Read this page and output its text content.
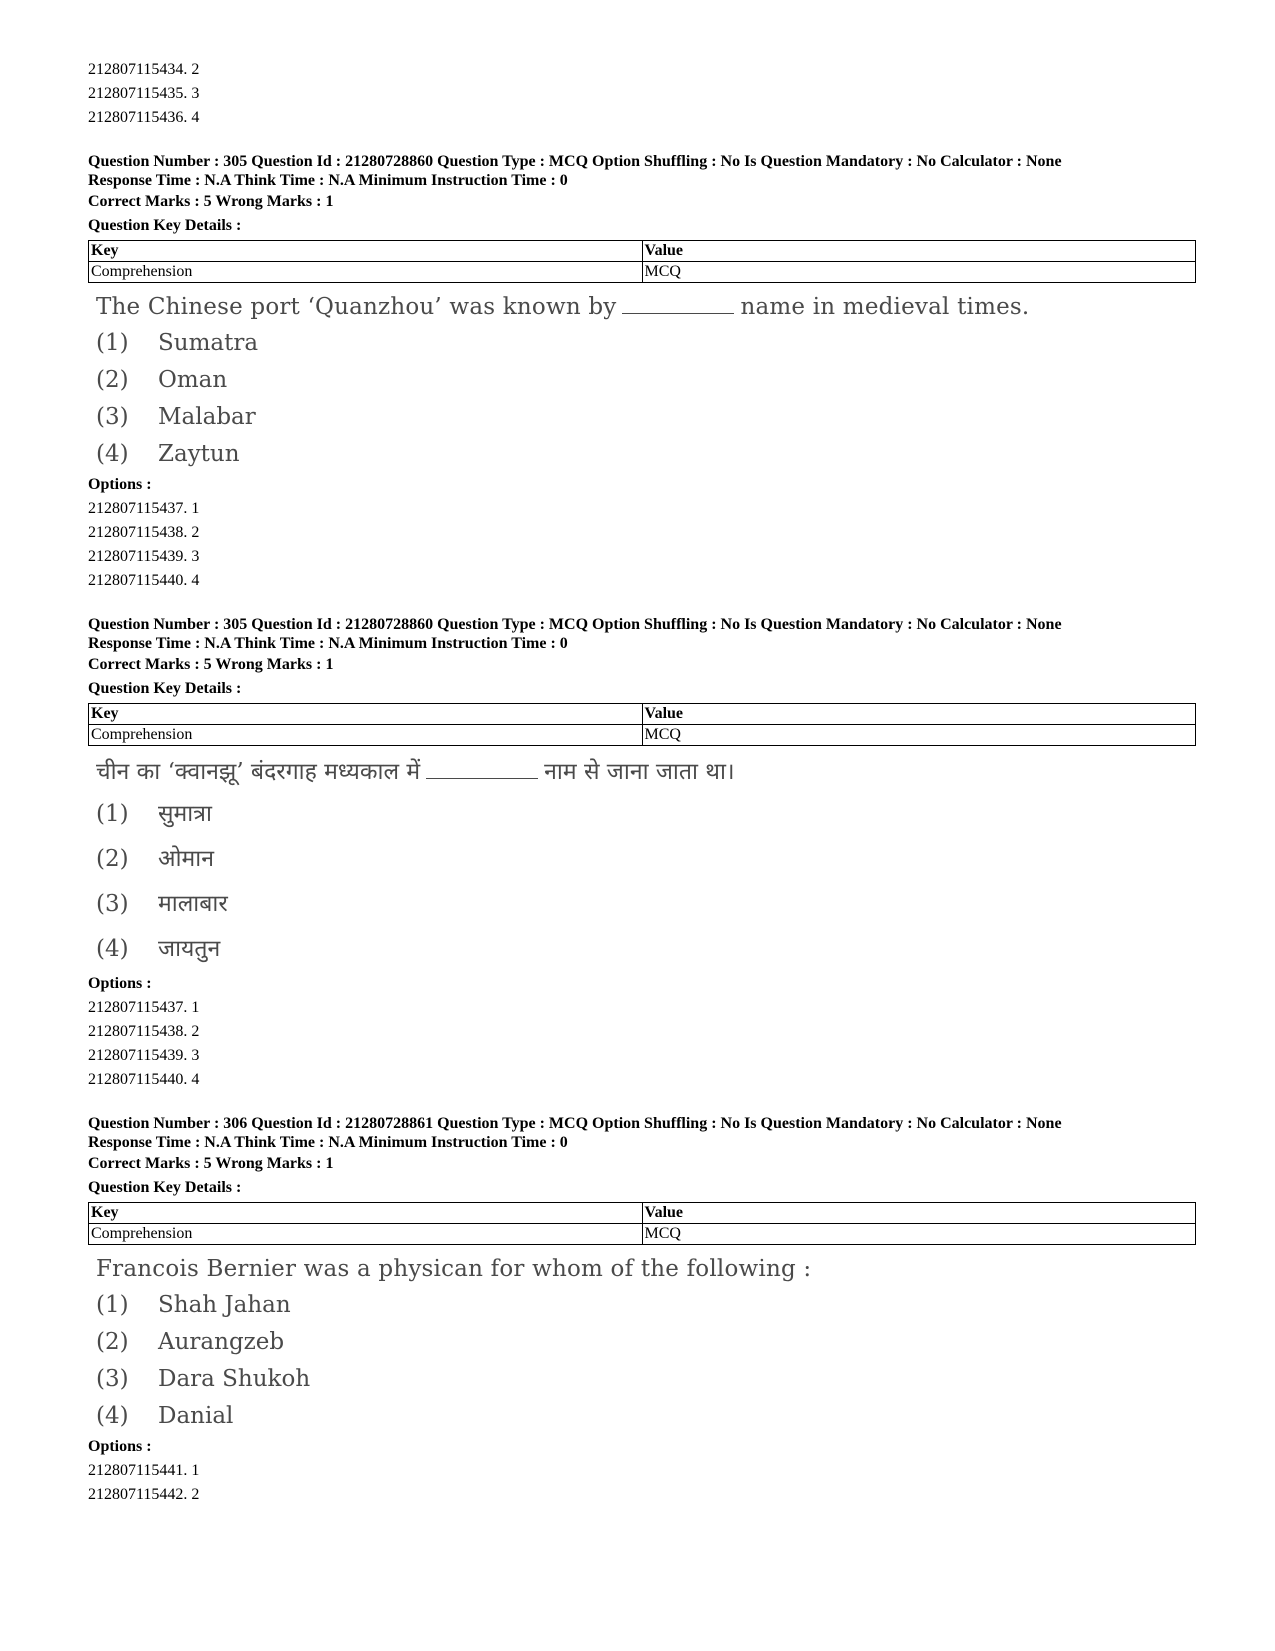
212807115434. 2
212807115435. 3
212807115436. 4
Question Number : 305 Question Id : 21280728860 Question Type : MCQ Option Shuffling : No Is Question Mandatory : No Calculator : None
Response Time : N.A Think Time : N.A Minimum Instruction Time : 0
Correct Marks : 5 Wrong Marks : 1
Question Key Details :
Key	Value
Comprehension	MCQ
The Chinese port ‘Quanzhou’ was known by	name in medieval times.
(1) Sumatra
(2) Oman
(3) Malabar
(4) Zaytun
Options :
212807115437. 1
212807115438. 2
212807115439. 3
212807115440. 4
Question Number : 305 Question Id : 21280728860 Question Type : MCQ Option Shuffling : No Is Question Mandatory : No Calculator : None
Response Time : N.A Think Time : N.A Minimum Instruction Time : 0
Correct Marks : 5 Wrong Marks : 1
Question Key Details :
Key	Value
Comprehension	MCQ
चीन का ‘क्वानझू’ बंदरगाह मध्यकाल में	नाम से जाना जाता था।
(1) सुमात्रा
(2) ओमान
(3) मालाबार
(4) जायतुन
Options :
212807115437. 1
212807115438. 2
212807115439. 3
212807115440. 4
Question Number : 306 Question Id : 21280728861 Question Type : MCQ Option Shuffling : No Is Question Mandatory : No Calculator : None
Response Time : N.A Think Time : N.A Minimum Instruction Time : 0
Correct Marks : 5 Wrong Marks : 1
Question Key Details :
Key	Value
Comprehension	MCQ
Francois Bernier was a physican for whom of the following :
(1) Shah Jahan
(2) Aurangzeb
(3) Dara Shukoh
(4) Danial
Options :
212807115441. 1
212807115442. 2
